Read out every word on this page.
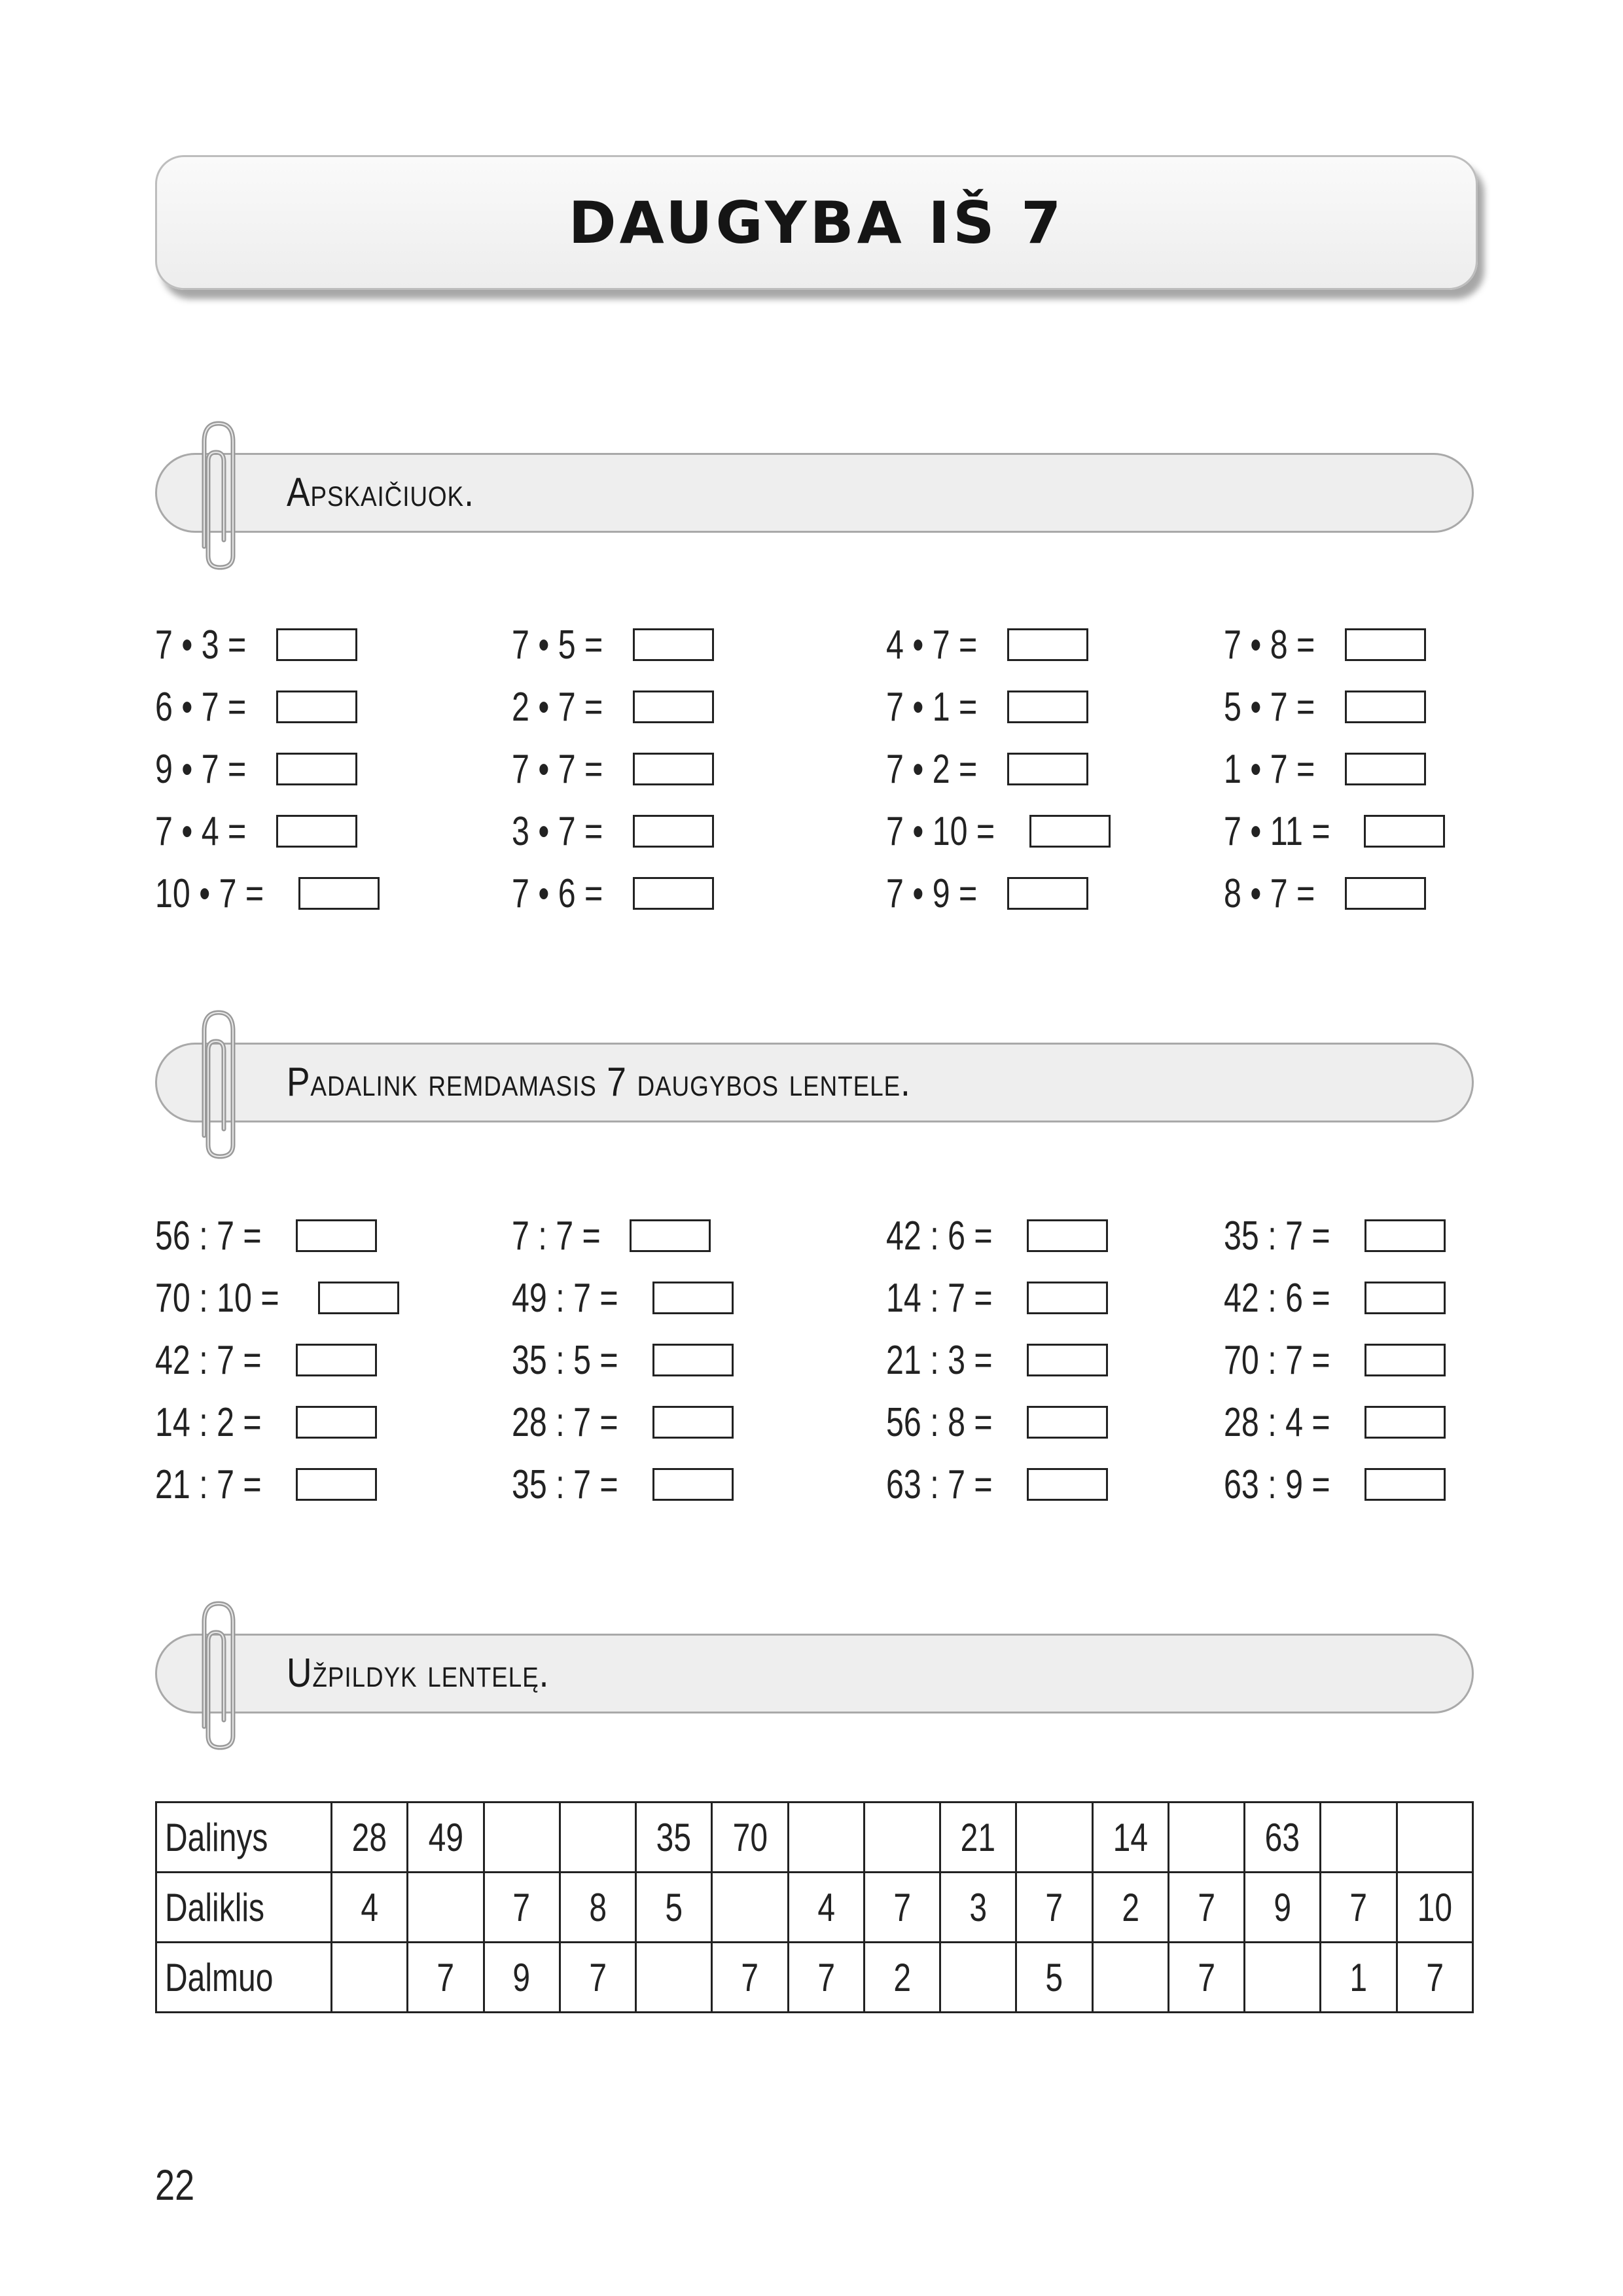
DAUGYBA IŠ 7
Apskaičiuok.
7 • 3 =	7 • 5 =	4 • 7 =	7 • 8 =
6 • 7 =	2 • 7 =	7 • 1 =	5 • 7 =
9 • 7 =	7 • 7 =	7 • 2 =	1 • 7 =
7 • 4 =	3 • 7 =	7 • 10 =	7 • 11 =
10 • 7 =	7 • 6 =	7 • 9 =	8 • 7 =
Padalink remdamasis 7 daugybos lentele.
56 : 7 =	7 : 7 =	42 : 6 =	35 : 7 =
70 : 10 =	49 : 7 =	14 : 7 =	42 : 6 =
42 : 7 =	35 : 5 =	21 : 3 =	70 : 7 =
14 : 2 =	28 : 7 =	56 : 8 =	28 : 4 =
21 : 7 =	35 : 7 =	63 : 7 =	63 : 9 =
Užpildyk lentelę.
Dalinys	28	49			35	70			21		14		63		
Daliklis	4		7	8	5		4	7	3	7	2	7	9	7	10
Dalmuo		7	9	7		7	7	2		5		7		1	7
22
